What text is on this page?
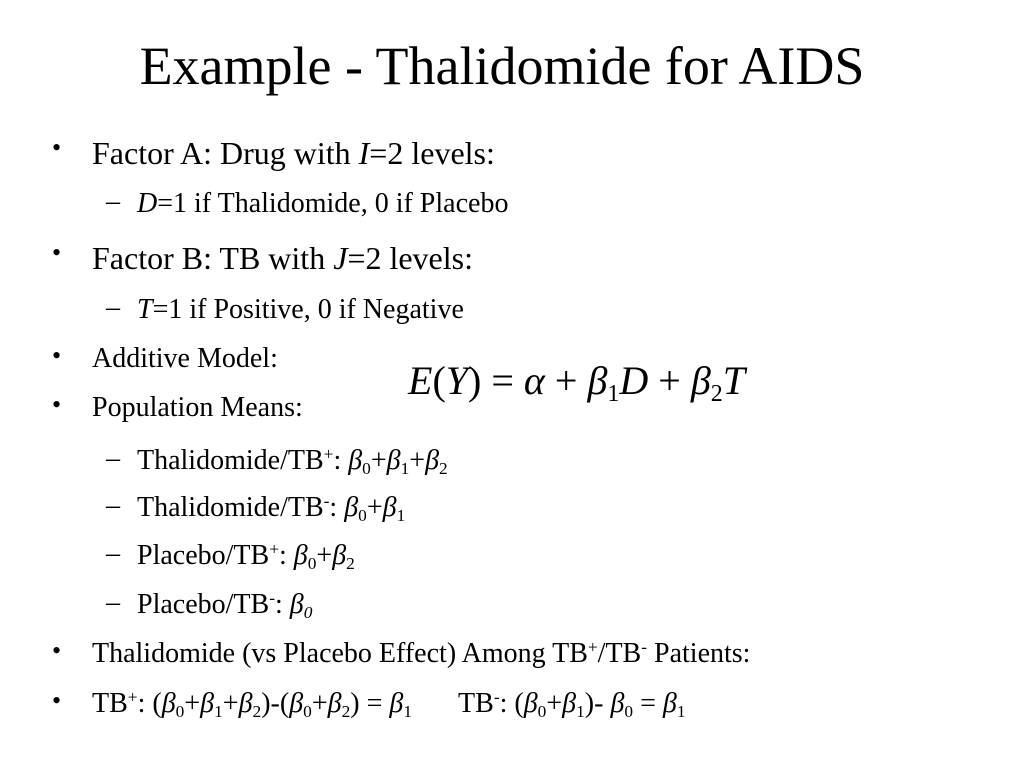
Example - Thalidomide for AIDS
• Factor A: Drug with I=2 levels:
– D=1 if Thalidomide, 0 if Placebo
• Factor B: TB with J=2 levels:
– T=1 if Positive, 0 if Negative
• Additive Model:	$E(Y) = \alpha + \beta_1D + \beta_2T$
• Population Means:
– Thalidomide/TB+: $\beta_0+\beta_1+\beta_2$
– Thalidomide/TB-: $\beta_0+\beta_1$
– Placebo/TB+: $\beta_0+\beta_2$
– Placebo/TB-: $\beta_0$
• Thalidomide (vs Placebo Effect) Among TB+/TB- Patients:
• TB+: $(\beta_0+\beta_1+\beta_2)-(\beta_0+\beta_2) = \beta_1$ TB-: $(\beta_0+\beta_1)-$ $\beta_0 = \beta_1$
